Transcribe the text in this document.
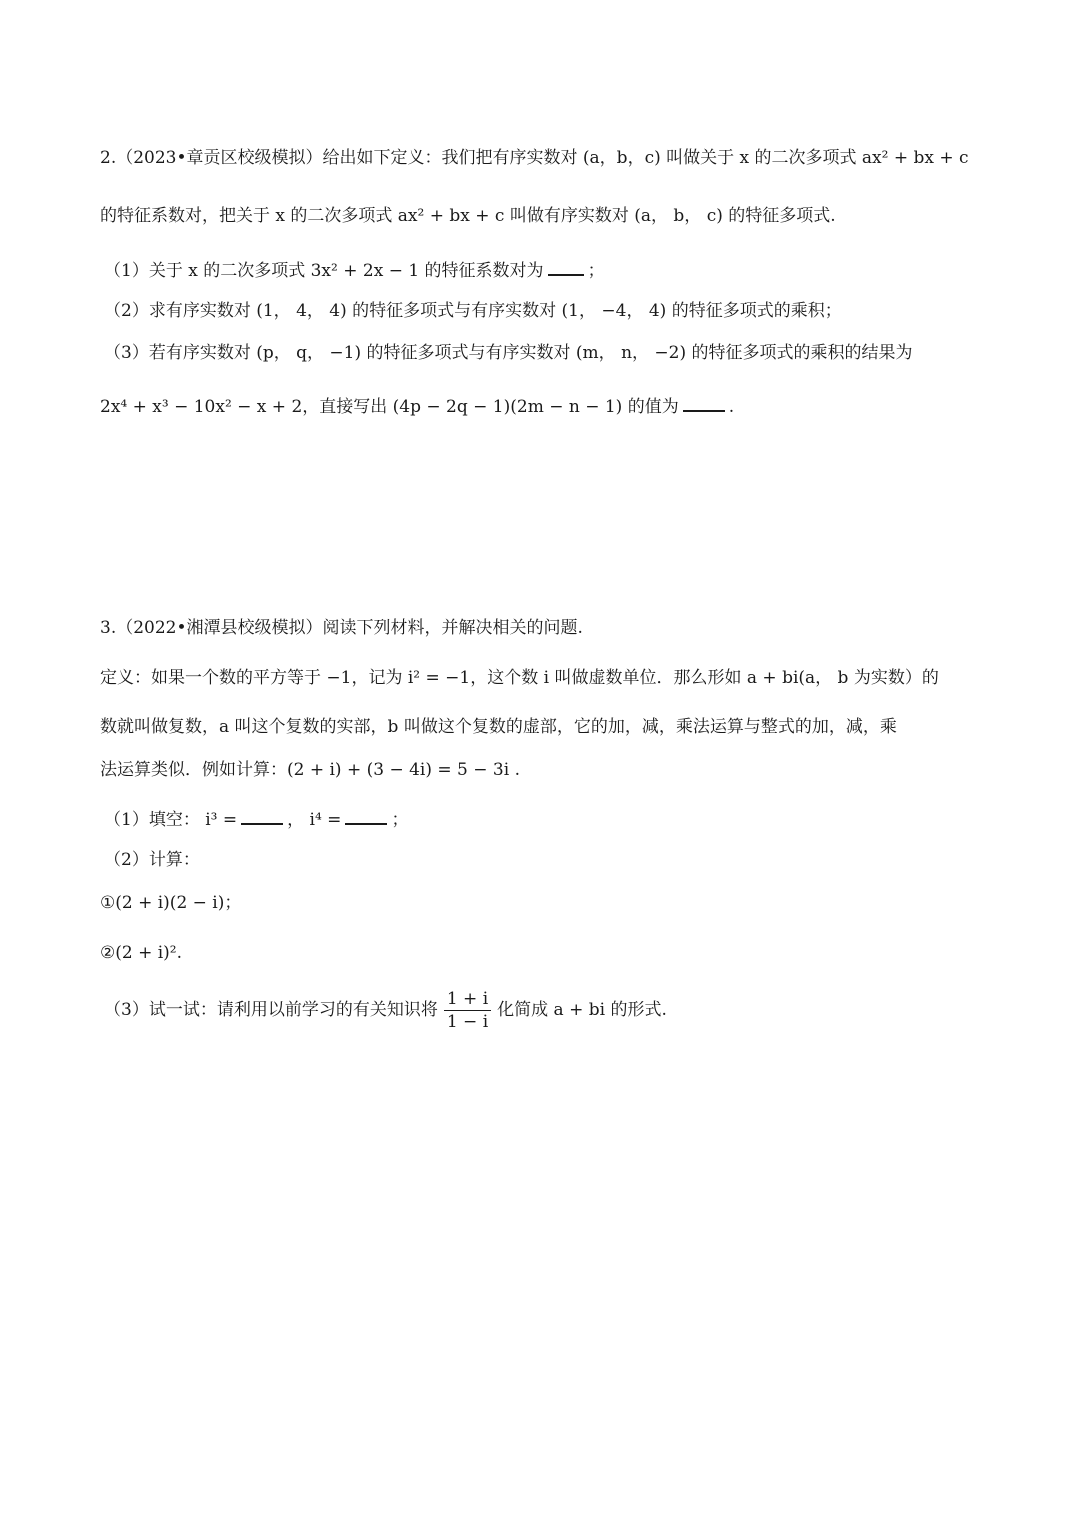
2.（2023•章贡区校级模拟）给出如下定义：我们把有序实数对 (a，b，c) 叫做关于 x 的二次多项式 ax² + bx + c
的特征系数对，把关于 x 的二次多项式 ax² + bx + c 叫做有序实数对 (a， b， c) 的特征多项式.
（1）关于 x 的二次多项式 3x² + 2x − 1 的特征系数对为	；
（2）求有序实数对 (1， 4， 4) 的特征多项式与有序实数对 (1， −4， 4) 的特征多项式的乘积；
（3）若有序实数对 (p， q， −1) 的特征多项式与有序实数对 (m， n， −2) 的特征多项式的乘积的结果为
2x⁴ + x³ − 10x² − x + 2，直接写出 (4p − 2q − 1)(2m − n − 1) 的值为	.
3.（2022•湘潭县校级模拟）阅读下列材料，并解决相关的问题.
定义：如果一个数的平方等于 −1，记为 i² = −1，这个数 i 叫做虚数单位．那么形如 a + bi(a， b 为实数）的
数就叫做复数，a 叫这个复数的实部，b 叫做这个复数的虚部，它的加，减，乘法运算与整式的加，减，乘
法运算类似．例如计算：(2 + i) + (3 − 4i) = 5 − 3i .
（1）填空： i³ =	， i⁴ =	；
（2）计算：
①(2 + i)(2 − i)；
②(2 + i)².
（3）试一试：请利用以前学习的有关知识将 $\frac{1 + i}{1 - i}$ 化简成 a + bi 的形式.
